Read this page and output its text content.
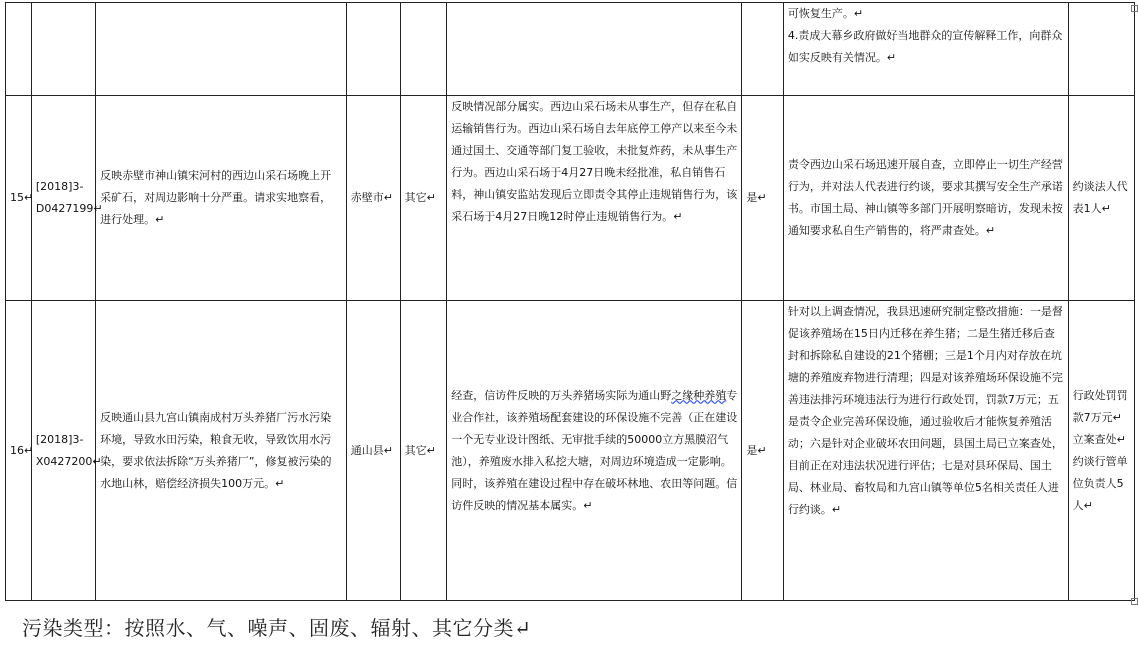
							可恢复生产。↵
4.责成大幕乡政府做好当地群众的宣传解释工作，向群众如实反映有关情况。↵	

15↵	[2018]3-
D0427199↵	反映赤壁市神山镇宋河村的西边山采石场晚上开采矿石，对周边影响十分严重。请求实地察看，进行处理。↵	赤壁市↵	其它↵	反映情况部分属实。西边山采石场未从事生产，但存在私自运输销售行为。西边山采石场自去年底停工停产以来至今未通过国土、交通等部门复工验收，未批复炸药，未从事生产行为。西边山采石场于4月27日晚未经批准，私自销售石料，神山镇安监站发现后立即责令其停止违规销售行为，该采石场于4月27日晚12时停止违规销售行为。↵	是↵	责令西边山采石场迅速开展自查，立即停止一切生产经营行为，并对法人代表进行约谈，要求其撰写安全生产承诺书。市国土局、神山镇等多部门开展明察暗访，发现未按通知要求私自生产销售的，将严肃查处。↵	约谈法人代表1人↵
16↵	[2018]3-
X0427200↵	反映通山县九宫山镇南成村万头养猪厂污水污染环境，导致水田污染，粮食无收，导致饮用水污染，要求依法拆除“万头养猪厂”，修复被污染的水地山林，赔偿经济损失100万元。↵	通山县↵	其它↵	经查，信访件反映的万头养猪场实际为通山野之缘种养殖专业合作社，该养殖场配套建设的环保设施不完善（正在建设一个无专业设计图纸、无审批手续的50000立方黑膜沼气池），养殖废水排入私挖大塘，对周边环境造成一定影响。同时，该养殖在建设过程中存在破坏林地、农田等问题。信访件反映的情况基本属实。↵	是↵	针对以上调查情况，我县迅速研究制定整改措施：一是督促该养殖场在15日内迁移在养生猪；二是生猪迁移后查封和拆除私自建设的21个猪棚；三是1个月内对存放在坑塘的养殖废弃物进行清理；四是对该养殖场环保设施不完善违法排污环境违法行为进行行政处罚，罚款7万元；五是责令企业完善环保设施，通过验收后才能恢复养殖活动；六是针对企业破坏农田问题，县国土局已立案查处，目前正在对违法状况进行评估；七是对县环保局、国土局、林业局、畜牧局和九宫山镇等单位5名相关责任人进行约谈。↵	行政处罚罚款7万元↵立案查处↵约谈行管单位负责人5人↵
污染类型：按照水、气、噪声、固废、辐射、其它分类↵
